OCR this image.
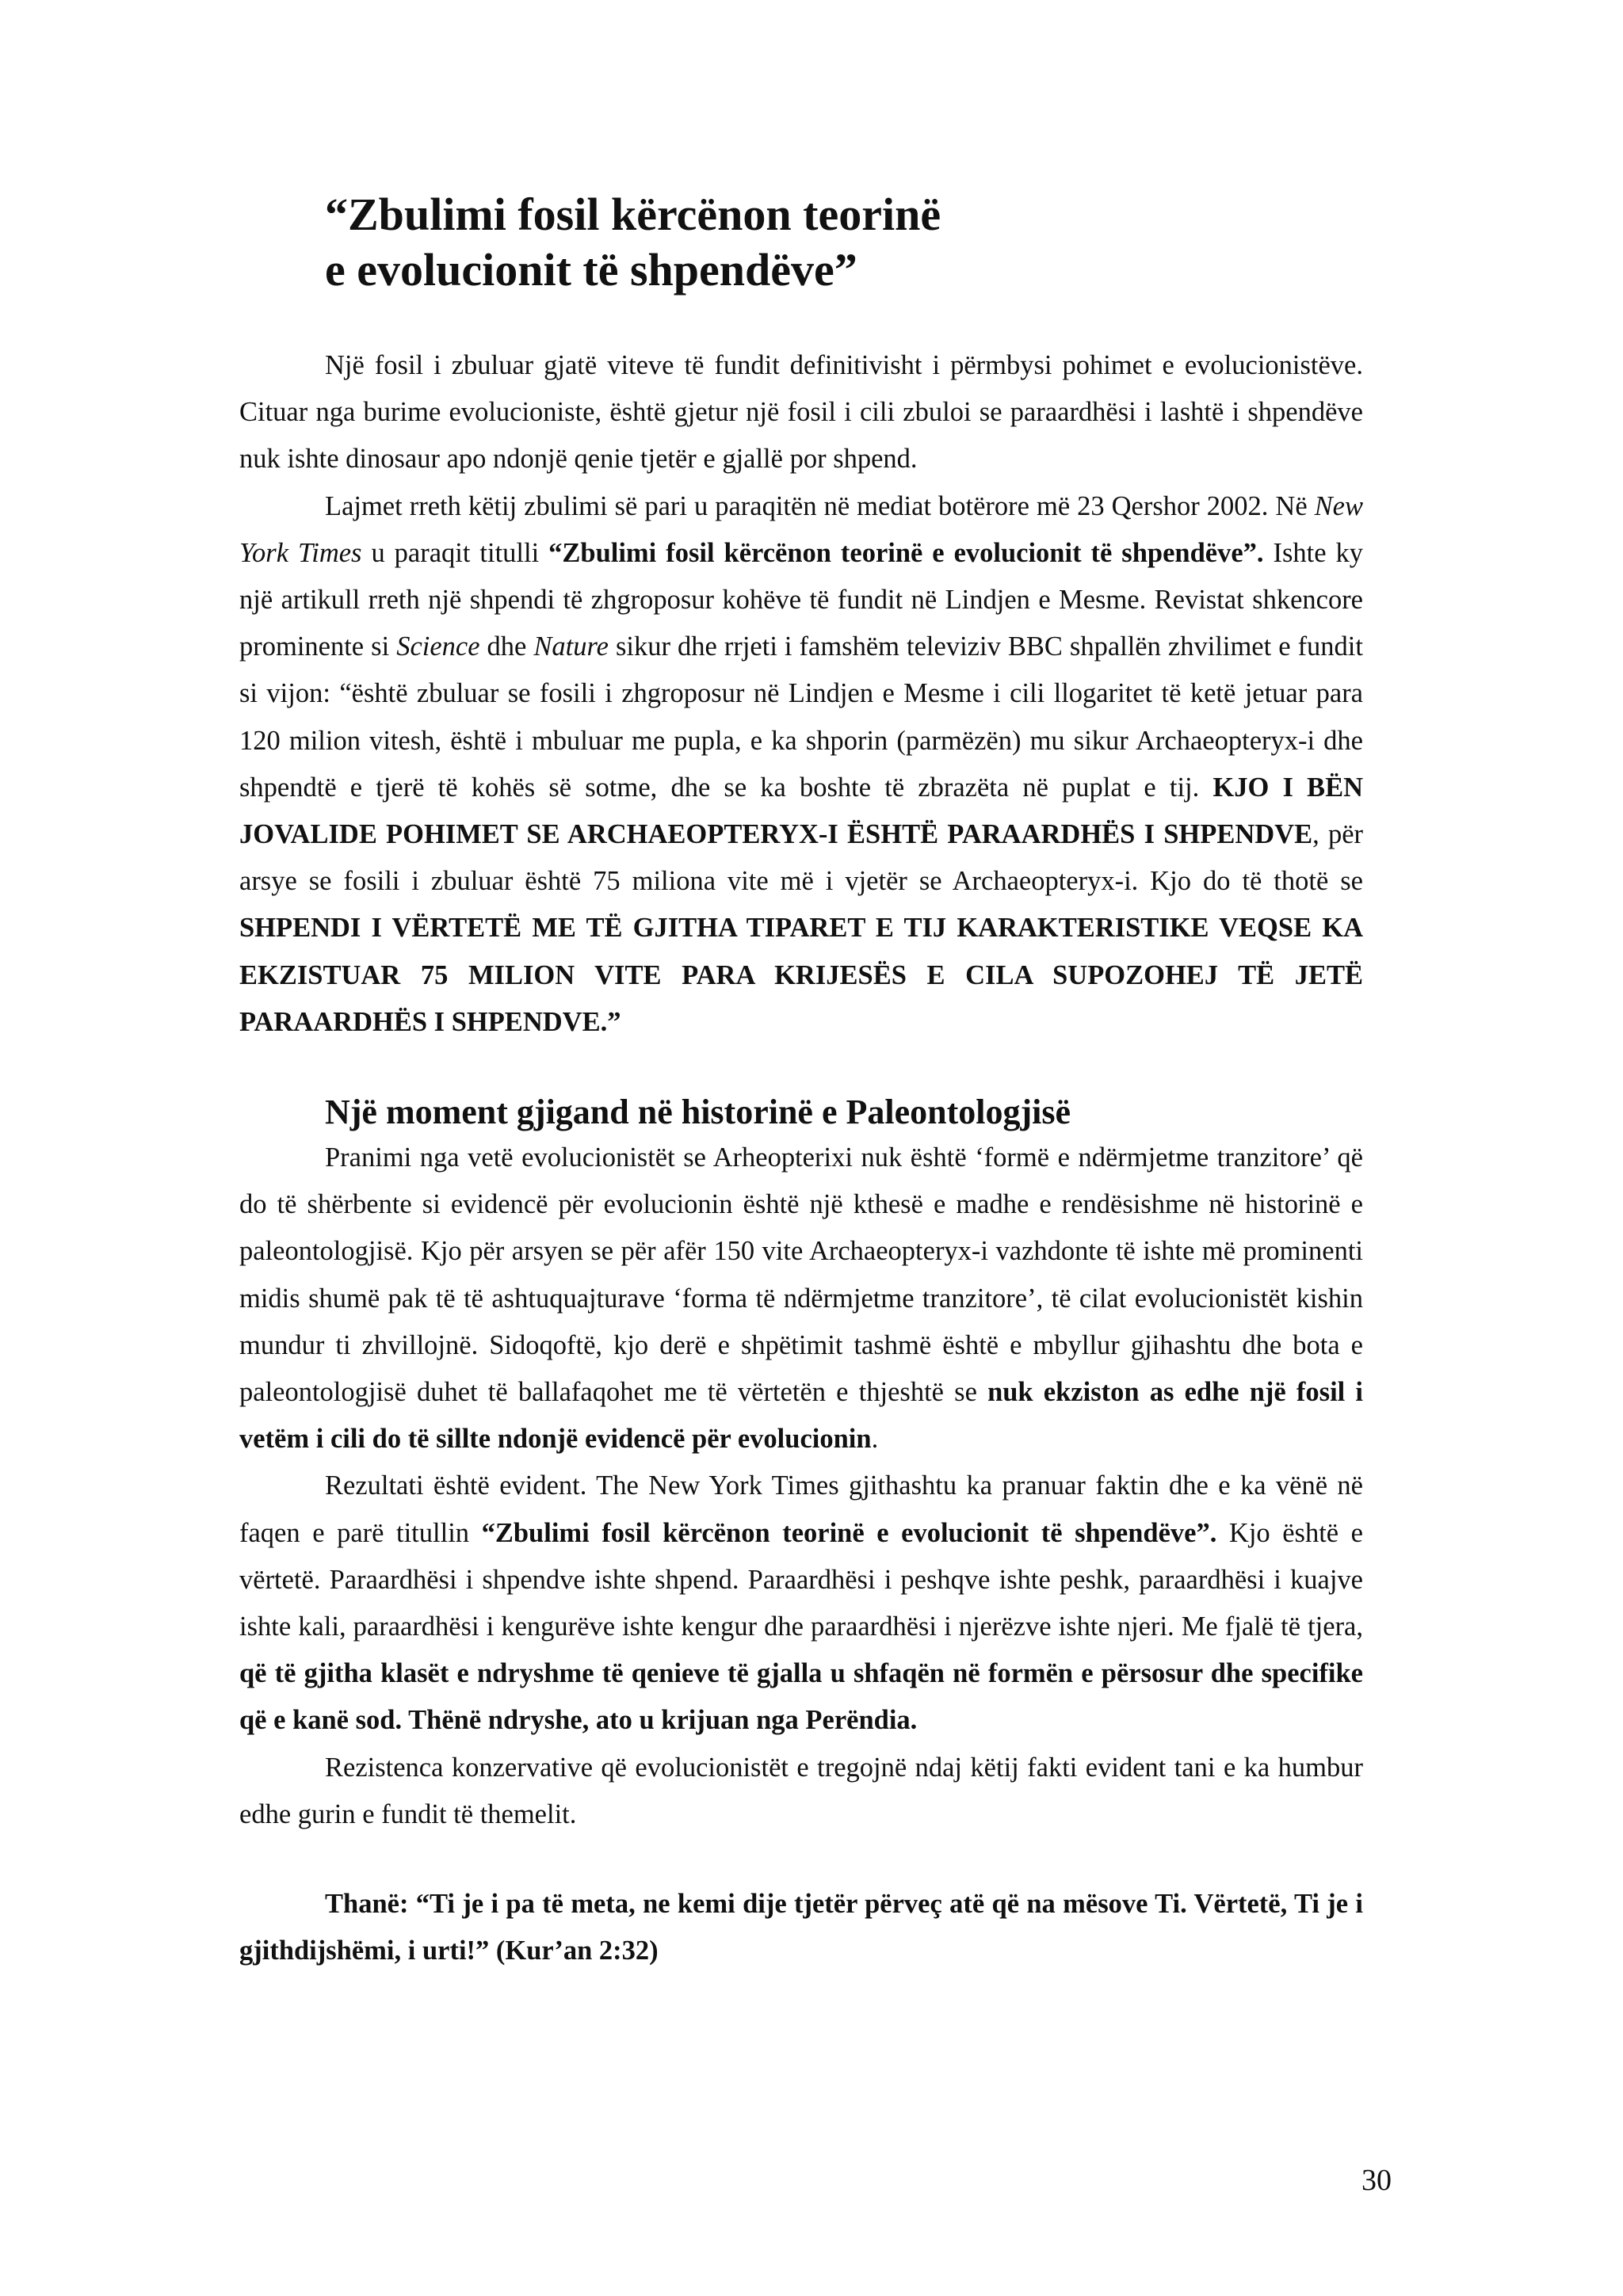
“Zbulimi fosil kërcënon teorinë
e evolucionit të shpendëve”

Një fosil i zbuluar gjatë viteve të fundit definitivisht i përmbysi pohimet e evolucionistëve. Cituar nga burime evolucioniste, është gjetur një fosil i cili zbuloi se paraardhësi i lashtë i shpendëve nuk ishte dinosaur apo ndonjë qenie tjetër e gjallë por shpend.

Lajmet rreth këtij zbulimi së pari u paraqitën në mediat botërore më 23 Qershor 2002. Në New York Times u paraqit titulli “Zbulimi fosil kërcënon teorinë e evolucionit të shpendëve”. Ishte ky një artikull rreth një shpendi të zhgroposur kohëve të fundit në Lindjen e Mesme. Revistat shkencore prominente si Science dhe Nature sikur dhe rrjeti i famshëm televiziv BBC shpallën zhvilimet e fundit si vijon: “është zbuluar se fosili i zhgroposur në Lindjen e Mesme i cili llogaritet të ketë jetuar para 120 milion vitesh, është i mbuluar me pupla, e ka shporin (parmëzën) mu sikur Archaeopteryx-i dhe shpendtë e tjerë të kohës së sotme, dhe se ka boshte të zbrazëta në puplat e tij. KJO I BËN JOVALIDE POHIMET SE ARCHAEOPTERYX-I ËSHTË PARAARDHËS I SHPENDVE, për arsye se fosili i zbuluar është 75 miliona vite më i vjetër se Archaeopteryx-i. Kjo do të thotë se SHPENDI I VËRTETË ME TË GJITHA TIPARET E TIJ KARAKTERISTIKE VEQSE KA EKZISTUAR 75 MILION VITE PARA KRIJESËS E CILA SUPOZOHEJ TË JETË PARAARDHËS I SHPENDVE.”

Një moment gjigand në historinë e Paleontologjisë

Pranimi nga vetë evolucionistët se Arheopterixi nuk është ‘formë e ndërmjetme tranzitore’ që do të shërbente si evidencë për evolucionin është një kthesë e madhe e rendësishme në historinë e paleontologjisë. Kjo për arsyen se për afër 150 vite Archaeopteryx-i vazhdonte të ishte më prominenti midis shumë pak të të ashtuquajturave ‘forma të ndërmjetme tranzitore’, të cilat evolucionistët kishin mundur ti zhvillojnë. Sidoqoftë, kjo derë e shpëtimit tashmë është e mbyllur gjihashtu dhe bota e paleontologjisë duhet të ballafaqohet me të vërtetën e thjeshtë se nuk ekziston as edhe një fosil i vetëm i cili do të sillte ndonjë evidencë për evolucionin.

Rezultati është evident. The New York Times gjithashtu ka pranuar faktin dhe e ka vënë në faqen e parë titullin “Zbulimi fosil kërcënon teorinë e evolucionit të shpendëve”. Kjo është e vërtetë. Paraardhësi i shpendve ishte shpend. Paraardhësi i peshqve ishte peshk, paraardhësi i kuajve ishte kali, paraardhësi i kengurëve ishte kengur dhe paraardhësi i njerëzve ishte njeri. Me fjalë të tjera, që të gjitha klasët e ndryshme të qenieve të gjalla u shfaqën në formën e përsosur dhe specifike që e kanë sod. Thënë ndryshe, ato u krijuan nga Perëndia.

Rezistenca konzervative që evolucionistët e tregojnë ndaj këtij fakti evident tani e ka humbur edhe gurin e fundit të themelit.

Thanë: “Ti je i pa të meta, ne kemi dije tjetër përveç atë që na mësove Ti. Vërtetë, Ti je i gjithdijshëmi, i urti!” (Kur’an 2:32)

30
